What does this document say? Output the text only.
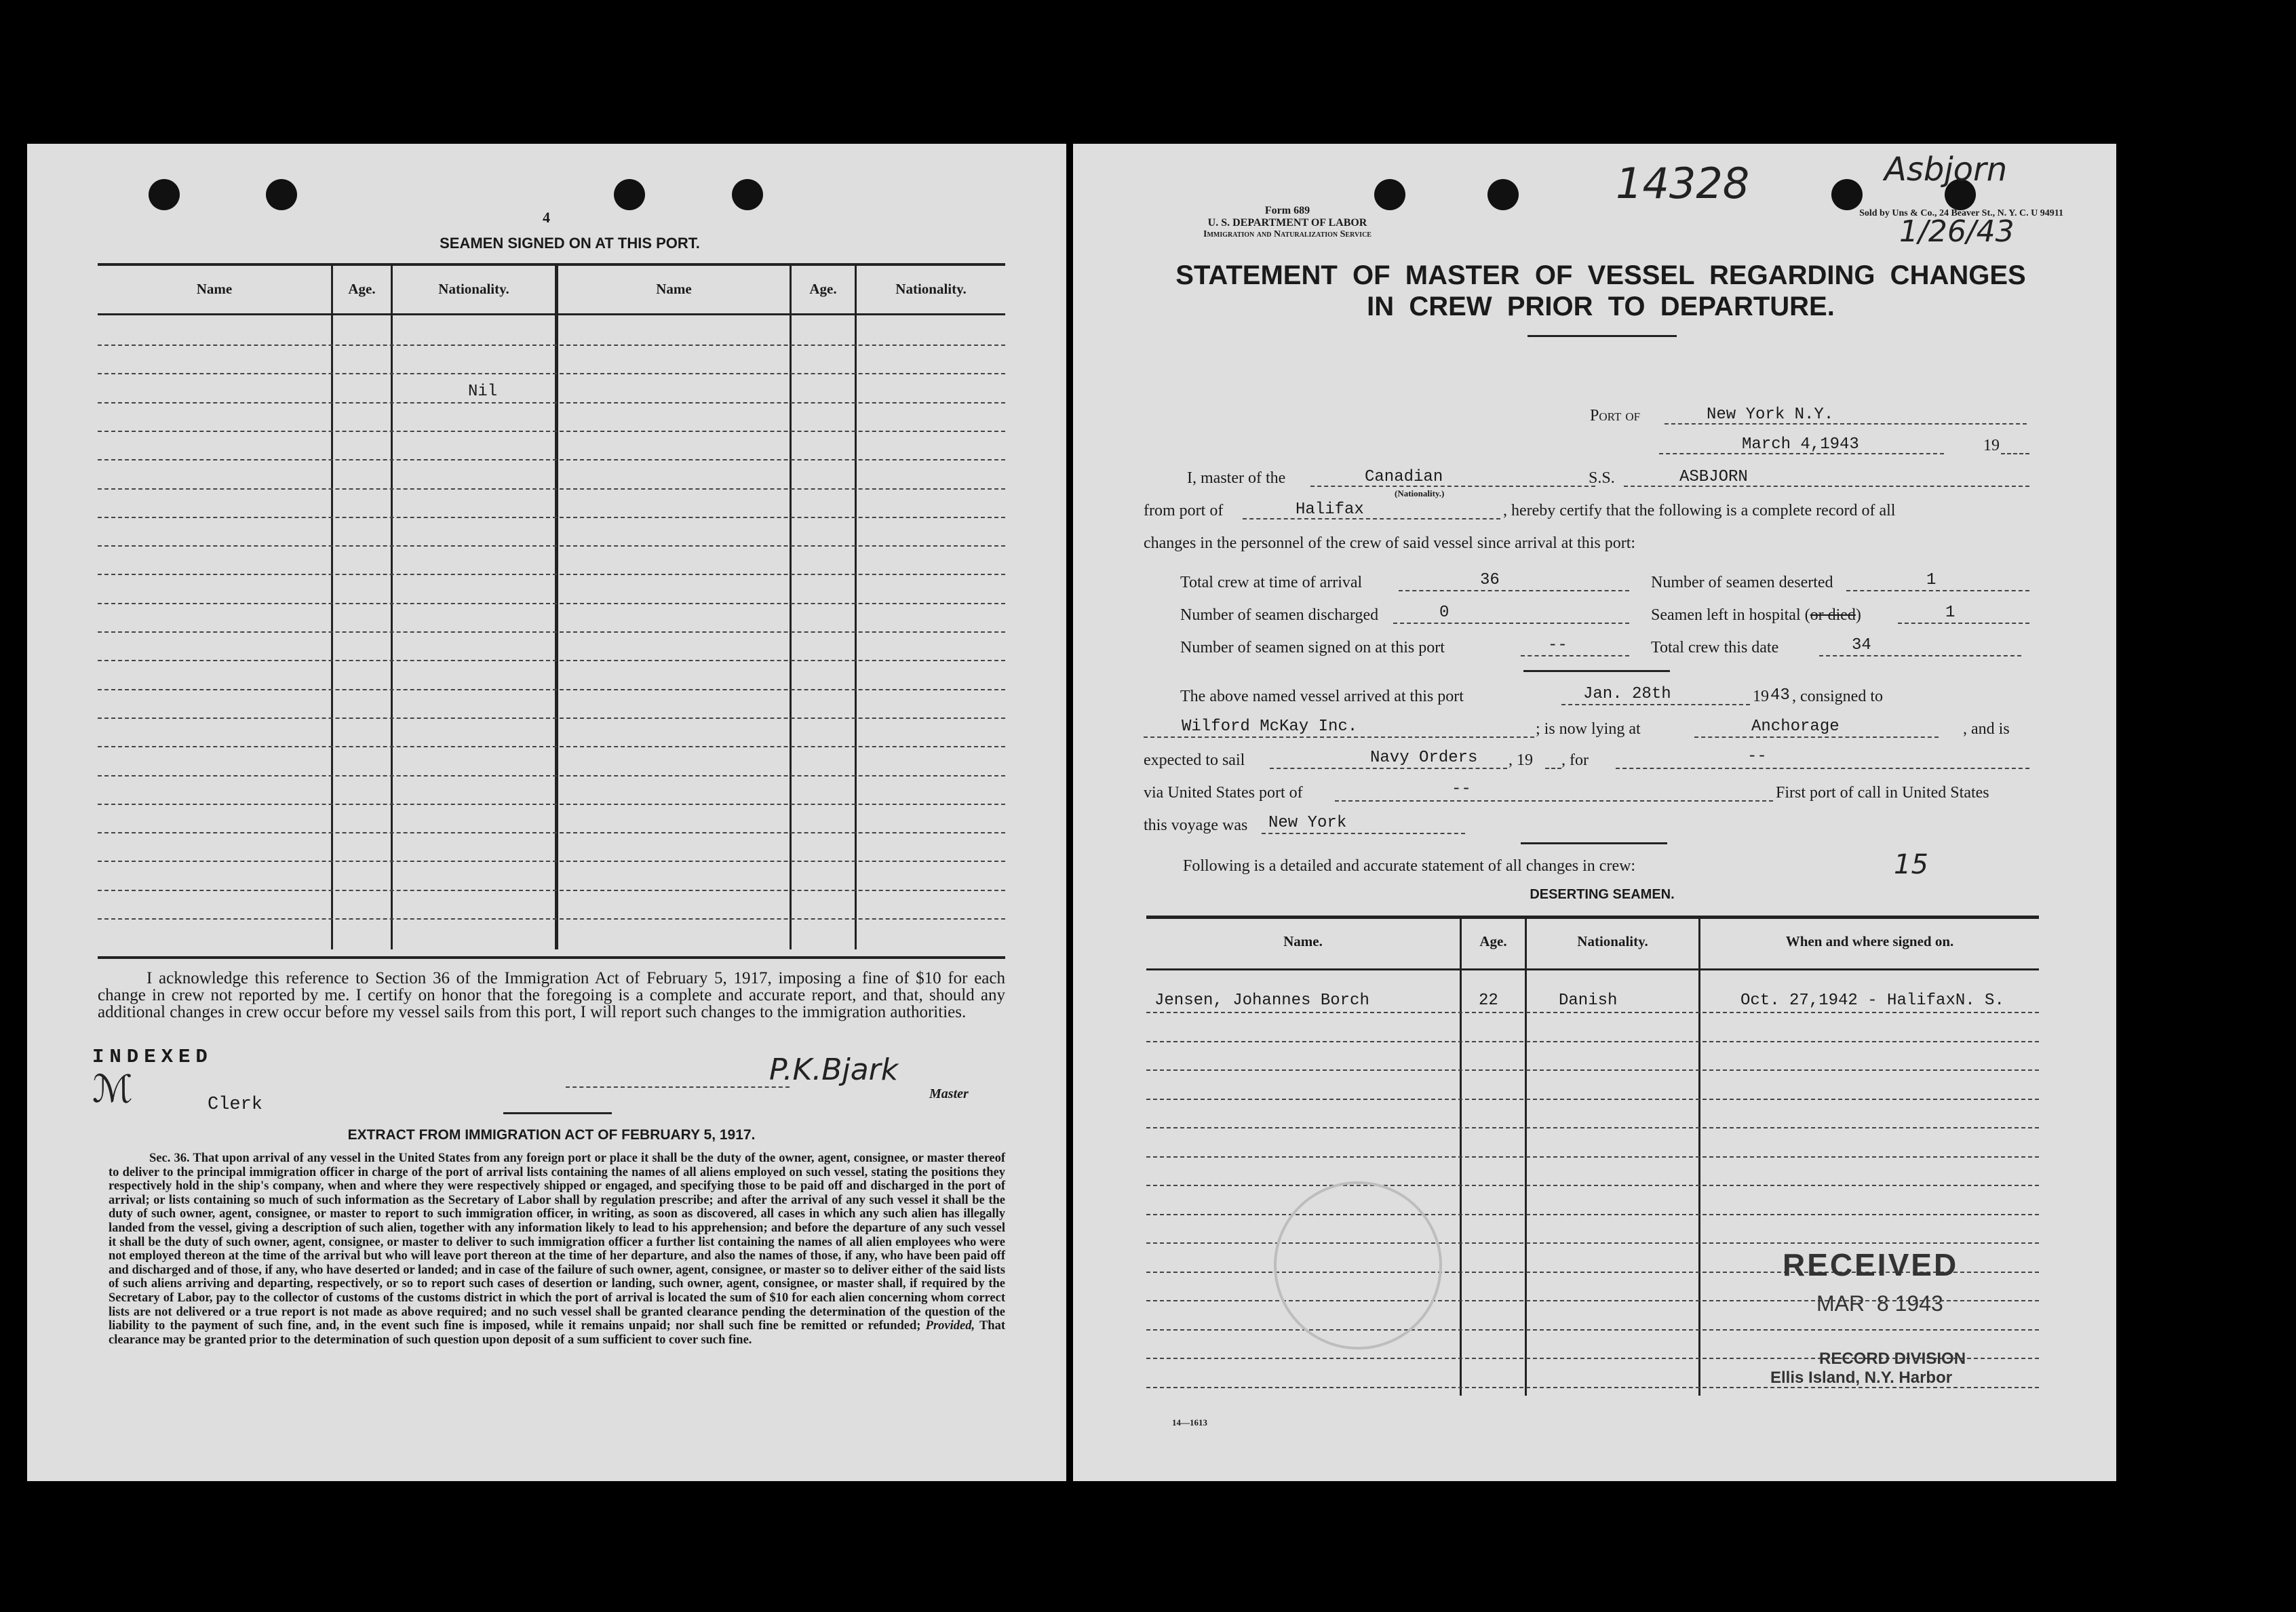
4
SEAMEN SIGNED ON AT THIS PORT.
Name	Age.	Nationality.	Name	Age.	Nationality.
Nil
I acknowledge this reference to Section 36 of the Immigration Act of February 5, 1917, imposing a fine of $10 for each change in crew not reported by me. I certify on honor that the foregoing is a complete and accurate report, and that, should any additional changes in crew occur before my vessel sails from this port, I will report such changes to the immigration authorities.
INDEXED
ℳ	Clerk
P.K.Bjark
Master
EXTRACT FROM IMMIGRATION ACT OF FEBRUARY 5, 1917.
Sec. 36. That upon arrival of any vessel in the United States from any foreign port or place it shall be the duty of the owner, agent, consignee, or master thereof to deliver to the principal immigration officer in charge of the port of arrival lists containing the names of all aliens employed on such vessel, stating the positions they respectively hold in the ship's company, when and where they were respectively shipped or engaged, and specifying those to be paid off and discharged in the port of arrival; or lists containing so much of such information as the Secretary of Labor shall by regulation prescribe; and after the arrival of any such vessel it shall be the duty of such owner, agent, consignee, or master to report to such immigration officer, in writing, as soon as discovered, all cases in which any such alien has illegally landed from the vessel, giving a description of such alien, together with any information likely to lead to his apprehension; and before the departure of any such vessel it shall be the duty of such owner, agent, consignee, or master to deliver to such immigration officer a further list containing the names of all alien employees who were not employed thereon at the time of the arrival but who will leave port thereon at the time of her departure, and also the names of those, if any, who have been paid off and discharged and of those, if any, who have deserted or landed; and in case of the failure of such owner, agent, consignee, or master so to deliver either of the said lists of such aliens arriving and departing, respectively, or so to report such cases of desertion or landing, such owner, agent, consignee, or master shall, if required by the Secretary of Labor, pay to the collector of customs of the customs district in which the port of arrival is located the sum of $10 for each alien concerning whom correct lists are not delivered or a true report is not made as above required; and no such vessel shall be granted clearance pending the determination of the question of the liability to the payment of such fine, and, in the event such fine is imposed, while it remains unpaid; nor shall such fine be remitted or refunded; Provided, That clearance may be granted prior to the determination of such question upon deposit of a sum sufficient to cover such fine.
Form 689
U. S. DEPARTMENT OF LABOR
Immigration and Naturalization Service
Sold by Uns & Co., 24 Beaver St., N. Y. C. U 94911
14328	Asbjorn
1/26/43
STATEMENT  OF  MASTER  OF  VESSEL  REGARDING  CHANGES
IN  CREW  PRIOR  TO  DEPARTURE.
Port of	New York N.Y.
March 4,1943	19
I, master of the	Canadian
(Nationality.)
S.S.	ASBJORN
from port of	Halifax	, hereby certify that the following is a complete record of all
changes in the personnel of the crew of said vessel since arrival at this port:
Total crew at time of arrival	36	Number of seamen deserted	1
Number of seamen discharged	0	Seamen left in hospital (or died)	1
Number of seamen signed on at this port	--	Total crew this date	34
The above named vessel arrived at this port	Jan. 28th	19 43 , consigned to
Wilford McKay Inc.	; is now lying at	Anchorage	, and is
expected to sail	Navy Orders , 19 , for	--
via United States port of	--	First port of call in United States
this voyage was New York
Following is a detailed and accurate statement of all changes in crew:	15
DESERTING SEAMEN.
Name.	Age.	Nationality.	When and where signed on.
Jensen, Johannes Borch	22	Danish	Oct. 27,1942 - HalifaxN. S.
RECEIVED
MAR  8 1943
RECORD DIVISION
Ellis Island, N.Y. Harbor
14—1613
